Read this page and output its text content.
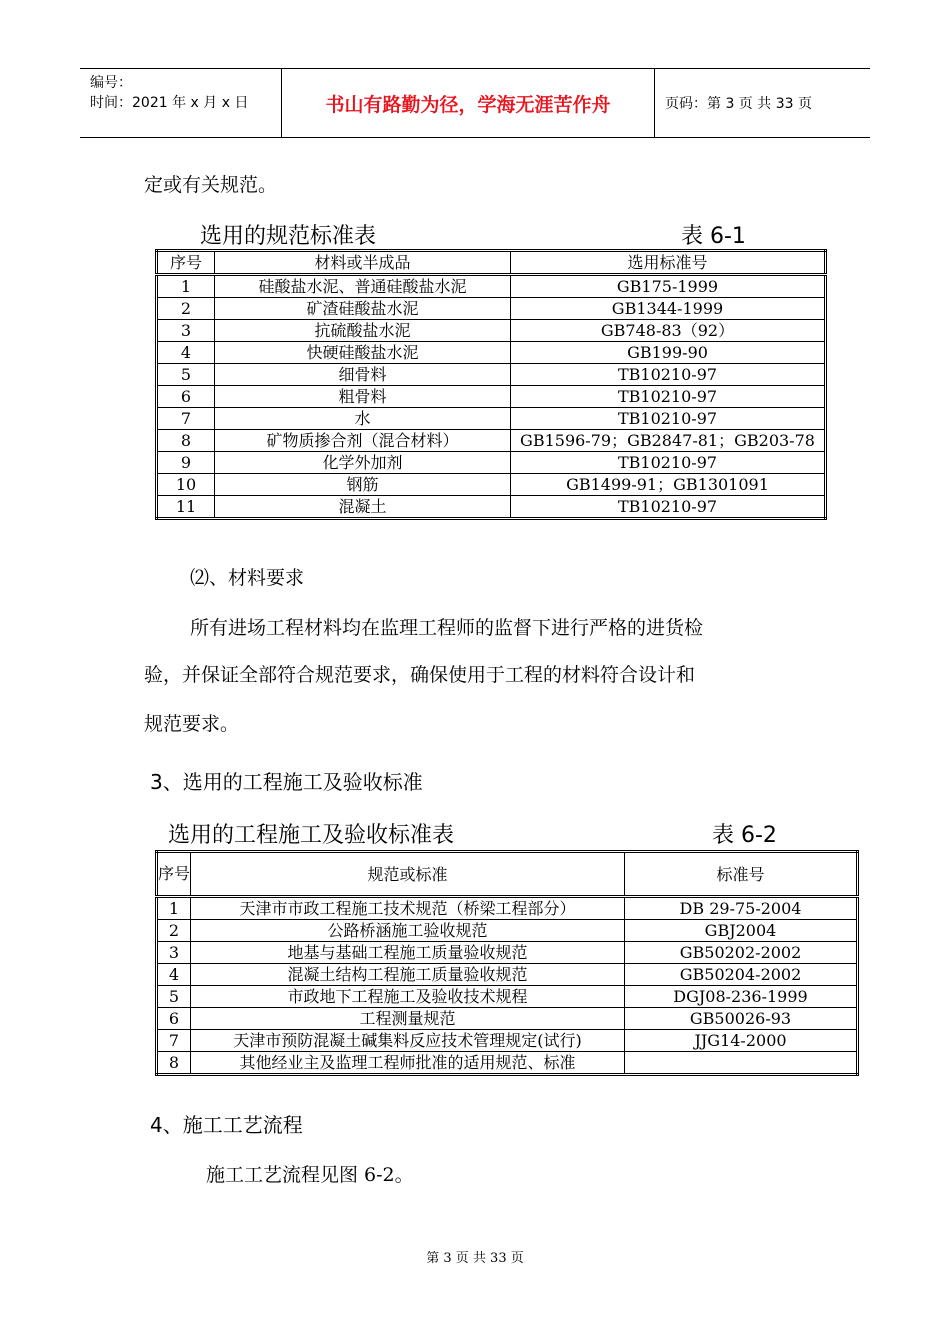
编号：
时间：2021 年 x 月 x 日	书山有路勤为径，学海无涯苦作舟	页码：第 3 页 共 33 页
定或有关规范。
选用的规范标准表	表 6-1
序号	材料或半成品	选用标准号
1	硅酸盐水泥、普通硅酸盐水泥	GB175-1999
2	矿渣硅酸盐水泥	GB1344-1999
3	抗硫酸盐水泥	GB748-83（92）
4	快硬硅酸盐水泥	GB199-90
5	细骨料	TB10210-97
6	粗骨料	TB10210-97
7	水	TB10210-97
8	矿物质掺合剂（混合材料）	GB1596-79；GB2847-81；GB203-78
9	化学外加剂	TB10210-97
10	钢筋	GB1499-91；GB1301091
11	混凝土	TB10210-97
⑵、材料要求
所有进场工程材料均在监理工程师的监督下进行严格的进货检
验，并保证全部符合规范要求，确保使用于工程的材料符合设计和
规范要求。
3、选用的工程施工及验收标准
选用的工程施工及验收标准表	表 6-2
序号	规范或标准	标准号
1	天津市市政工程施工技术规范（桥梁工程部分）	DB 29-75-2004
2	公路桥涵施工验收规范	GBJ2004
3	地基与基础工程施工质量验收规范	GB50202-2002
4	混凝土结构工程施工质量验收规范	GB50204-2002
5	市政地下工程施工及验收技术规程	DGJ08-236-1999
6	工程测量规范	GB50026-93
7	天津市预防混凝土碱集料反应技术管理规定(试行)	JJG14-2000
8	其他经业主及监理工程师批准的适用规范、标准	
4、施工工艺流程
施工工艺流程见图 6-2。
第 3 页 共 33 页
